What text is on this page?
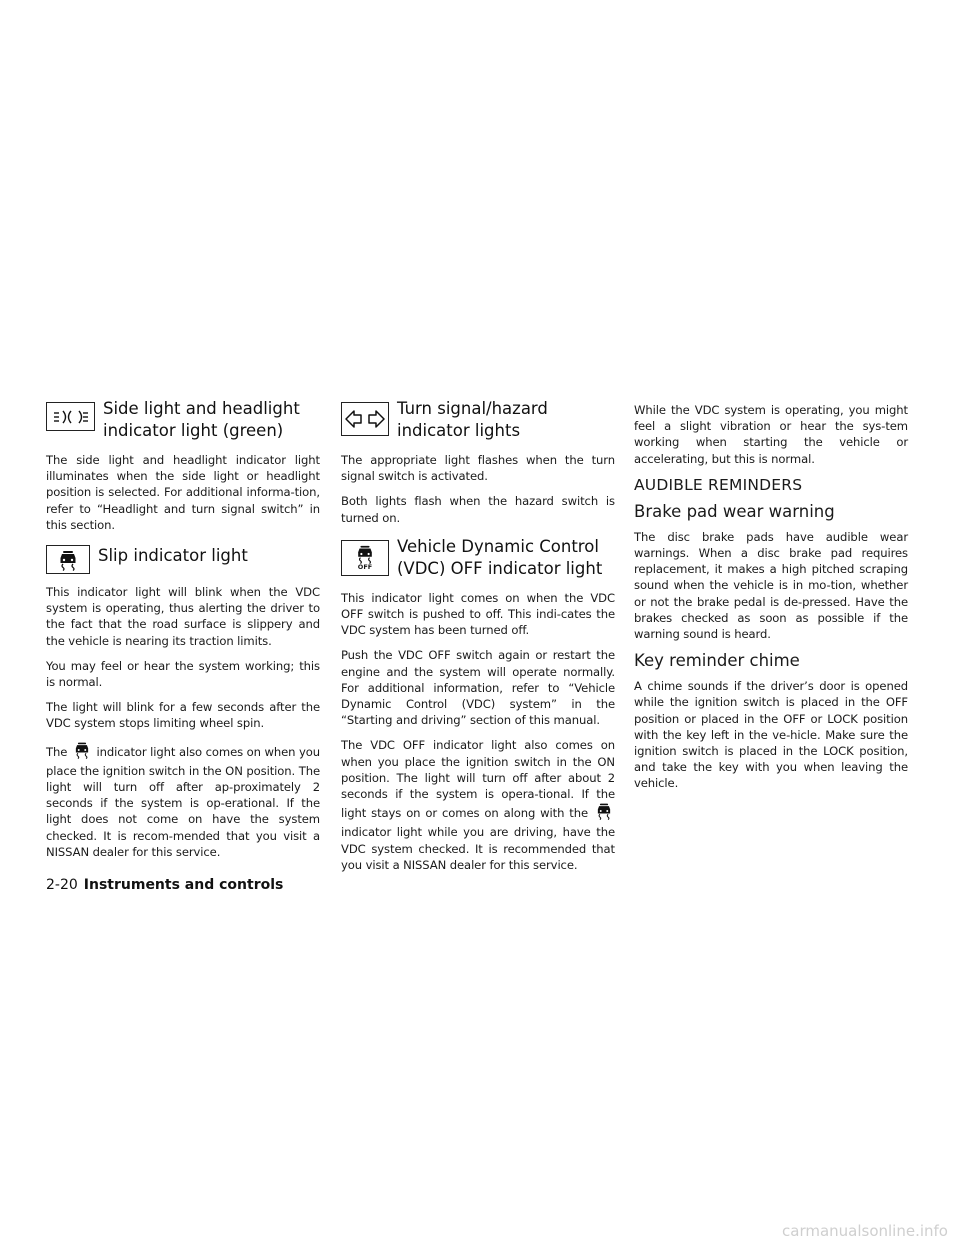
Side light and headlight
indicator light (green)

The side light and headlight indicator light illuminates when the side light or headlight position is selected. For additional informa-tion, refer to “Headlight and turn signal switch” in this section.

Slip indicator light

This indicator light will blink when the VDC system is operating, thus alerting the driver to the fact that the road surface is slippery and the vehicle is nearing its traction limits.

You may feel or hear the system working; this is normal.

The light will blink for a few seconds after the VDC system stops limiting wheel spin.

The	indicator light also comes on when you place the ignition switch in the ON position. The light will turn off after ap-proximately 2 seconds if the system is op-erational. If the light does not come on have the system checked. It is recom-mended that you visit a NISSAN dealer for this service.

Turn signal/hazard
indicator lights

The appropriate light flashes when the turn signal switch is activated.

Both lights flash when the hazard switch is turned on.

OFF
Vehicle Dynamic Control
(VDC) OFF indicator light

This indicator light comes on when the VDC OFF switch is pushed to off. This indi-cates the VDC system has been turned off.

Push the VDC OFF switch again or restart the engine and the system will operate normally. For additional information, refer to “Vehicle Dynamic Control (VDC) system” in the “Starting and driving” section of this manual.

The VDC OFF indicator light also comes on when you place the ignition switch in the ON position. The light will turn off after about 2 seconds if the system is opera-tional. If the light stays on or comes on along with the  indicator light while you are driving, have the VDC system checked. It is recommended that you visit a NISSAN dealer for this service.

While the VDC system is operating, you might feel a slight vibration or hear the sys-tem working when starting the vehicle or accelerating, but this is normal.

AUDIBLE REMINDERS
Brake pad wear warning

The disc brake pads have audible wear warnings. When a disc brake pad requires replacement, it makes a high pitched scraping sound when the vehicle is in mo-tion, whether or not the brake pedal is de-pressed. Have the brakes checked as soon as possible if the warning sound is heard.

Key reminder chime

A chime sounds if the driver’s door is opened while the ignition switch is placed in the OFF position or placed in the OFF or LOCK position with the key left in the ve-hicle. Make sure the ignition switch is placed in the LOCK position, and take the key with you when leaving the vehicle.

2-20 Instruments and controls
carmanualsonline.info
